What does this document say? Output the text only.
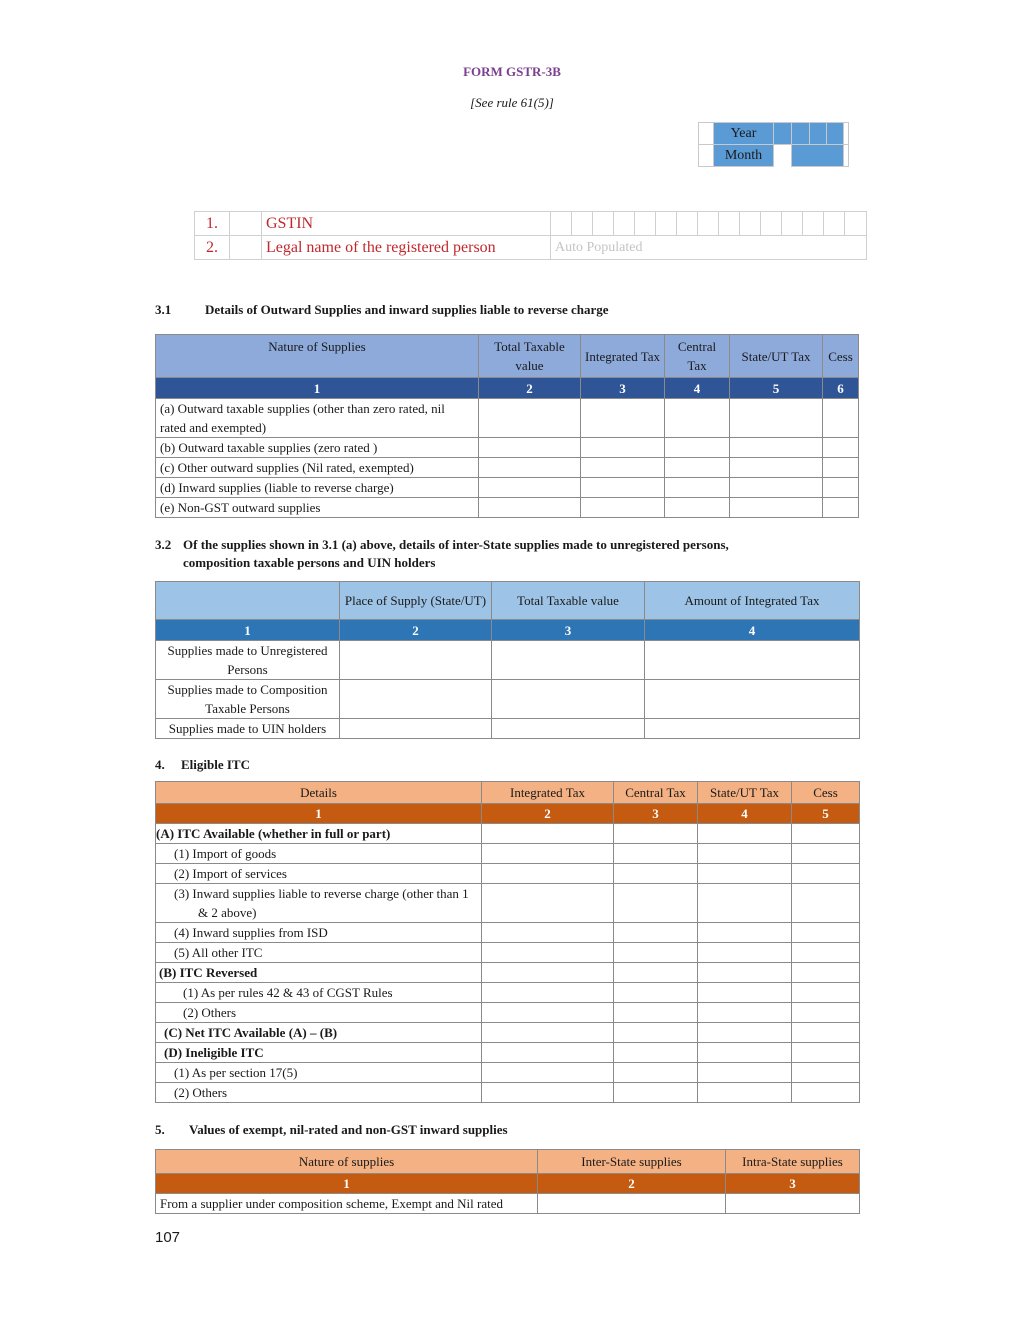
FORM GSTR-3B
[See rule 61(5)]
	Year					
	Month					
1.		GSTIN															
2.		Legal name of the registered person	Auto Populated														
3.1	Details of Outward Supplies and inward supplies liable to reverse charge
Nature of Supplies	Total Taxable value	Integrated Tax	Central Tax	State/UT Tax	Cess
1	2	3	4	5	6
(a) Outward taxable supplies (other than zero rated, nil rated and exempted)					
(b) Outward taxable supplies (zero rated )					
(c) Other outward supplies (Nil rated, exempted)					
(d) Inward supplies (liable to reverse charge)					
(e) Non-GST outward supplies					
3.2 Of the supplies shown in 3.1 (a) above, details of inter-State supplies made to unregistered persons,
composition taxable persons and UIN holders
	Place of Supply (State/UT)	Total Taxable value	Amount of Integrated Tax
1	2	3	4
Supplies made to Unregistered Persons			
Supplies made to Composition Taxable Persons			
Supplies made to UIN holders			
4. Eligible ITC
Details	Integrated Tax	Central Tax	State/UT Tax	Cess
1	2	3	4	5
(A) ITC Available (whether in full or part)				
(1) Import of goods				
(2) Import of services				

(3) Inward supplies liable to reverse charge (other than 1 & 2 above)				

(4) Inward supplies from ISD				
(5) All other ITC				
(B) ITC Reversed				
(1) As per rules 42 & 43 of CGST Rules				
(2) Others				
(C) Net ITC Available (A) – (B)				
(D) Ineligible ITC				
(1) As per section 17(5)				
(2) Others				
5. Values of exempt, nil-rated and non-GST inward supplies
Nature of supplies	Inter-State supplies	Intra-State supplies
1	2	3
From a supplier under composition scheme, Exempt and Nil rated		
107
